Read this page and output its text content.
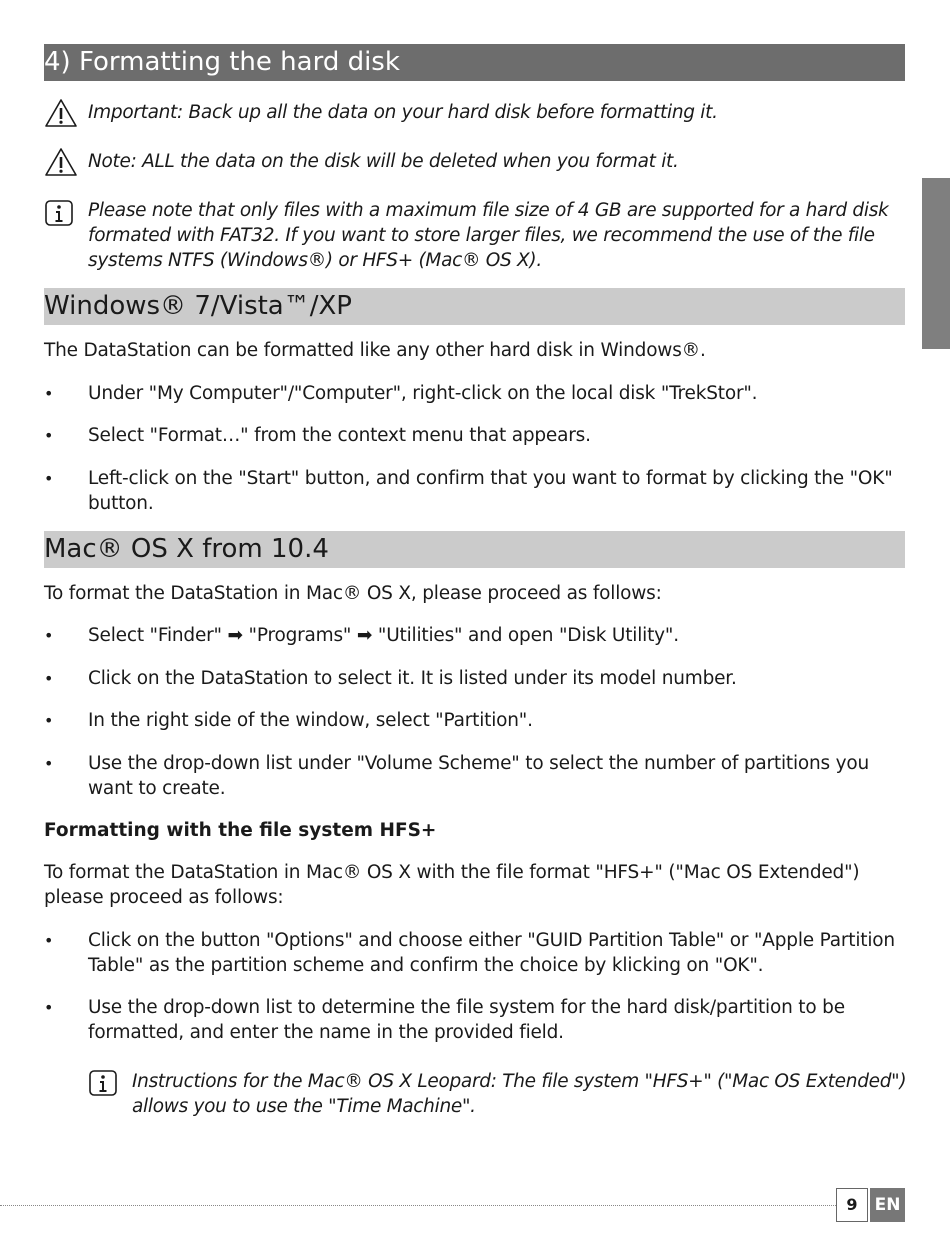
4) Formatting the hard disk
Important: Back up all the data on your hard disk before formatting it.
Note: ALL the data on the disk will be deleted when you format it.
Please note that only files with a maximum file size of 4 GB are supported for a hard disk formated with FAT32. If you want to store larger files, we recommend the use of the file systems NTFS (Windows®) or HFS+ (Mac® OS X).
Windows® 7/Vista™/XP
The DataStation can be formatted like any other hard disk in Windows®.
• Under "My Computer"/"Computer", right-click on the local disk "TrekStor".
• Select "Format…" from the context menu that appears.
• Left-click on the "Start" button, and confirm that you want to format by clicking the "OK" button.
Mac® OS X from 10.4
To format the DataStation in Mac® OS X, please proceed as follows:
• Select "Finder" ➡ "Programs" ➡ "Utilities" and open "Disk Utility".
• Click on the DataStation to select it. It is listed under its model number.
• In the right side of the window, select "Partition".
• Use the drop-down list under "Volume Scheme" to select the number of partitions you want to create.
Formatting with the file system HFS+
To format the DataStation in Mac® OS X with the file format "HFS+" ("Mac OS Extended") please proceed as follows:
• Click on the button "Options" and choose either "GUID Partition Table" or "Apple Partition Table" as the partition scheme and confirm the choice by klicking on "OK".
• Use the drop-down list to determine the file system for the hard disk/partition to be formatted, and enter the name in the provided field.
Instructions for the Mac® OS X Leopard: The file system "HFS+" ("Mac OS Extended") allows you to use the "Time Machine".
9	EN
